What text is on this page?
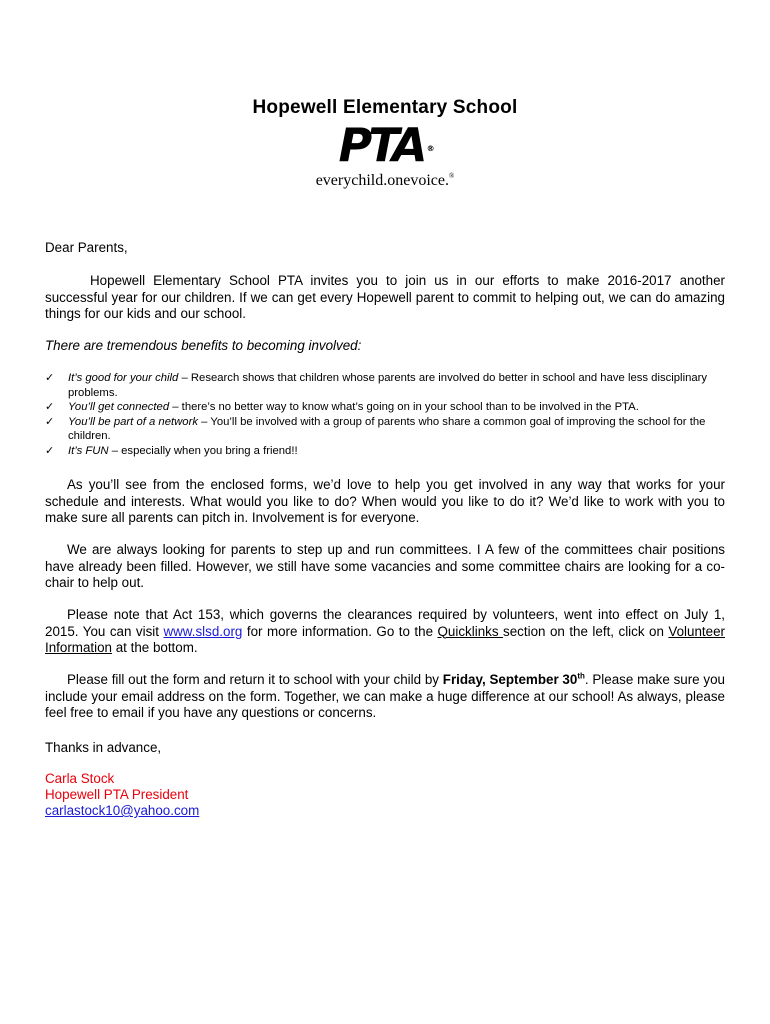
Hopewell Elementary School
PTA ®
everychild.onevoice.®
Dear Parents,
Hopewell Elementary School PTA invites you to join us in our efforts to make 2016-2017 another successful year for our children. If we can get every Hopewell parent to commit to helping out, we can do amazing things for our kids and our school.
There are tremendous benefits to becoming involved:
✓ It’s good for your child – Research shows that children whose parents are involved do better in school and have less disciplinary problems.
✓ You’ll get connected – there’s no better way to know what’s going on in your school than to be involved in the PTA.
✓ You’ll be part of a network – You’ll be involved with a group of parents who share a common goal of improving the school for the children.
✓ It’s FUN – especially when you bring a friend!!
As you’ll see from the enclosed forms, we’d love to help you get involved in any way that works for your schedule and interests. What would you like to do? When would you like to do it? We’d like to work with you to make sure all parents can pitch in. Involvement is for everyone.
We are always looking for parents to step up and run committees. I A few of the committees chair positions have already been filled. However, we still have some vacancies and some committee chairs are looking for a co-chair to help out.
Please note that Act 153, which governs the clearances required by volunteers, went into effect on July 1, 2015. You can visit www.slsd.org for more information. Go to the Quicklinks section on the left, click on Volunteer Information at the bottom.
Please fill out the form and return it to school with your child by Friday, September 30th. Please make sure you include your email address on the form. Together, we can make a huge difference at our school! As always, please feel free to email if you have any questions or concerns.
Thanks in advance,
Carla Stock
Hopewell PTA President
carlastock10@yahoo.com
